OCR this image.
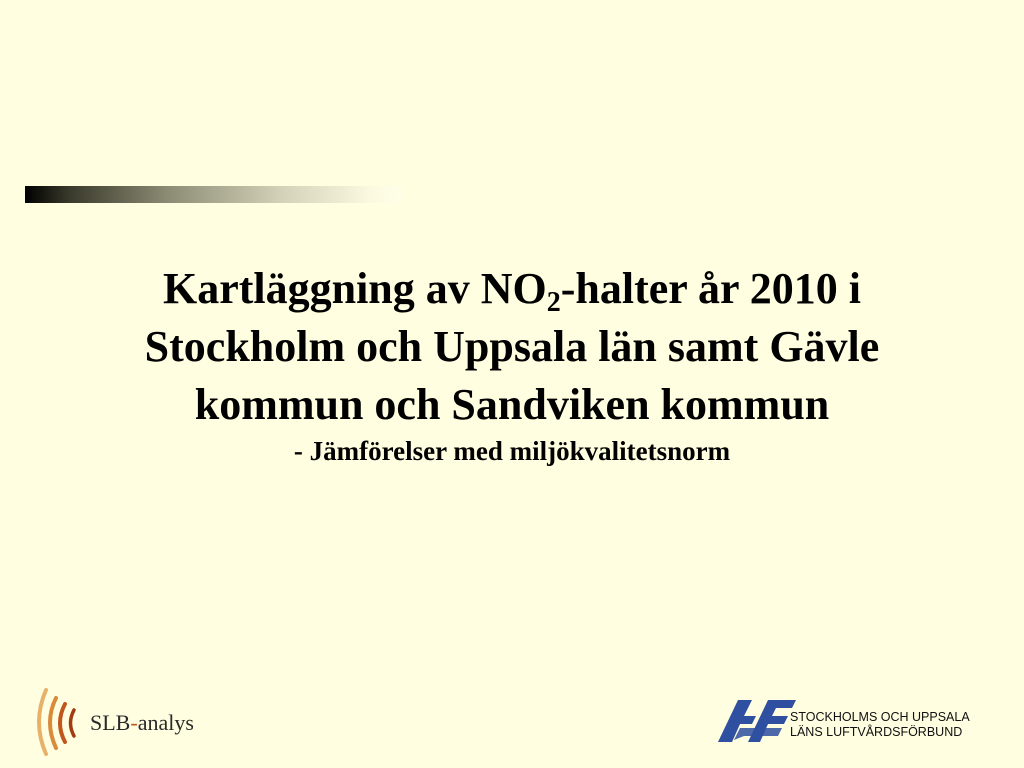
Kartläggning av $NO_2$-halter år 2010 i
Stockholm och Uppsala län samt Gävle
kommun och Sandviken kommun

- Jämförelser med miljökvalitetsnorm

SLB-analys	STOCKHOLMS OCH UPPSALA
LÄNS LUFTVÅRDSFÖRBUND
